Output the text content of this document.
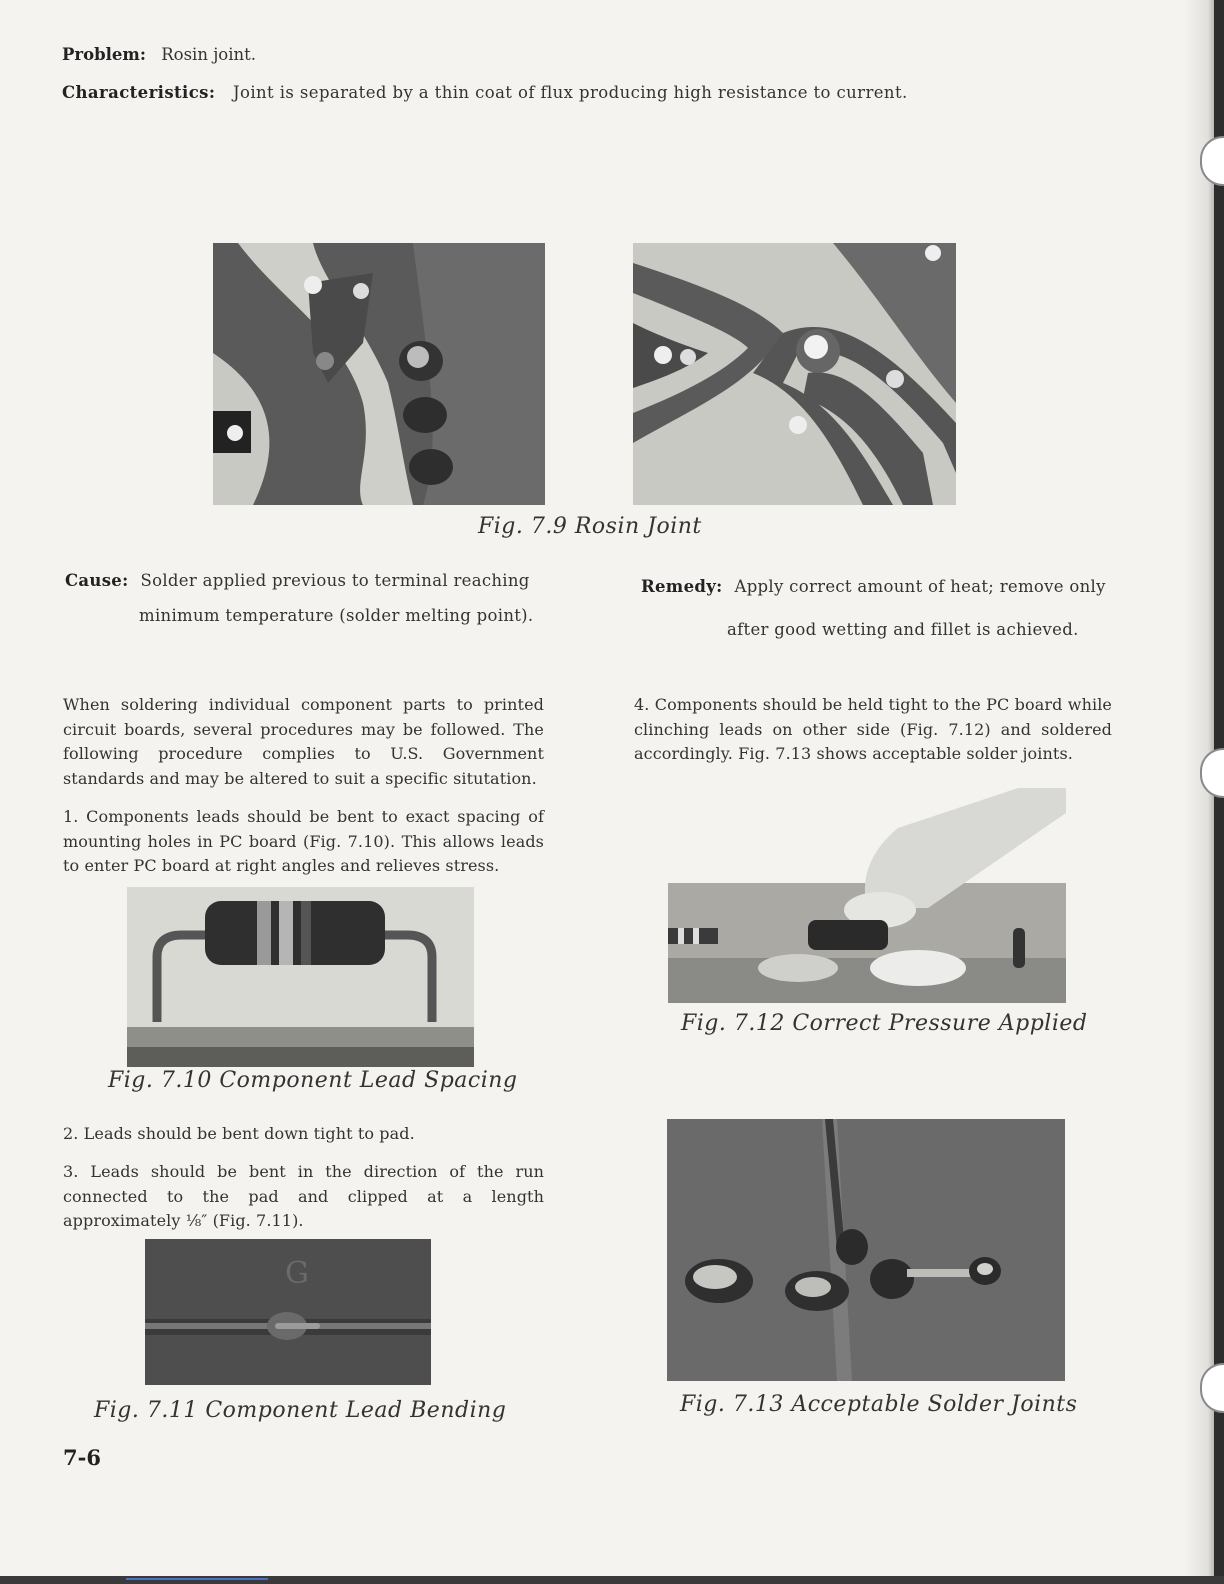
Problem: Rosin joint.
Characteristics: Joint is separated by a thin coat of flux producing high resistance to current.
Fig. 7.9 Rosin Joint
Cause: Solder applied previous to terminal reaching
minimum temperature (solder melting point).
Remedy: Apply correct amount of heat; remove only
after good wetting and fillet is achieved.
When soldering individual component parts to printed circuit boards, several procedures may be followed. The following procedure complies to U.S. Government standards and may be altered to suit a specific situtation.
1. Components leads should be bent to exact spacing of mounting holes in PC board (Fig. 7.10). This allows leads to enter PC board at right angles and relieves stress.
Fig. 7.10 Component Lead Spacing
2. Leads should be bent down tight to pad.
3. Leads should be bent in the direction of the run connected to the pad and clipped at a length approximately ⅛″ (Fig. 7.11).
G
Fig. 7.11 Component Lead Bending
7-6
4. Components should be held tight to the PC board while clinching leads on other side (Fig. 7.12) and soldered accordingly. Fig. 7.13 shows acceptable solder joints.
Fig. 7.12 Correct Pressure Applied
Fig. 7.13 Acceptable Solder Joints
